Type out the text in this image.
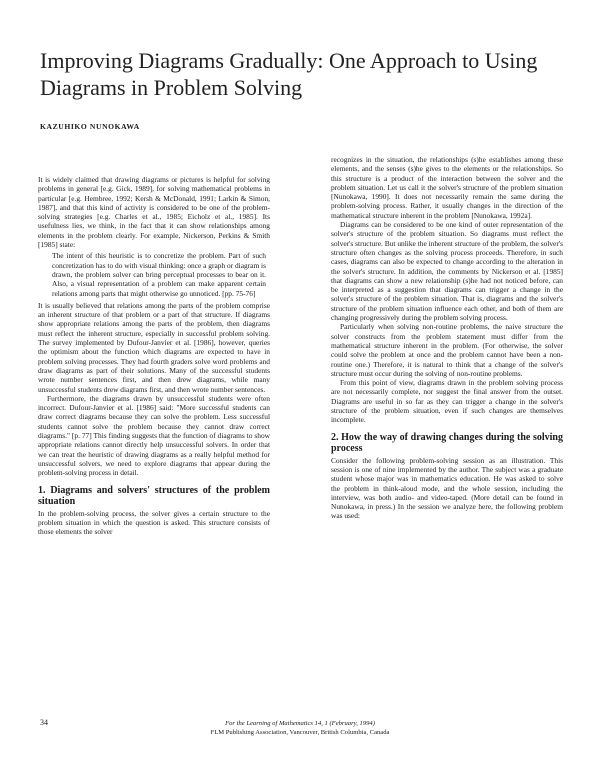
Improving Diagrams Gradually: One Approach to Using Diagrams in Problem Solving
KAZUHIKO NUNOKAWA

It is widely claimed that drawing diagrams or pictures is helpful for solving problems in general [e.g. Gick, 1989], for solving mathematical problems in particular [e.g. Hembree, 1992; Kersh & McDonald, 1991; Larkin & Simon, 1987], and that this kind of activity is considered to be one of the problem-solving strategies [e.g. Charles et al., 1985; Eicholz et al., 1985]. Its usefulness lies, we think, in the fact that it can show relationships among elements in the problem clearly. For example, Nickerson, Perkins & Smith [1985] state:

The intent of this heuristic is to concretize the problem. Part of such concretization has to do with visual thinking: once a graph or diagram is drawn, the problem solver can bring perceptual processes to bear on it. Also, a visual representation of a problem can make apparent certain relations among parts that might otherwise go unnoticed. [pp. 75-76]

It is usually believed that relations among the parts of the problem comprise an inherent structure of that problem or a part of that structure. If diagrams show appropriate relations among the parts of the problem, then diagrams must reflect the inherent structure, especially in successful problem solving. The survey implemented by Dufour-Janvier et al. [1986], however, queries the optimism about the function which diagrams are expected to have in problem solving processes. They had fourth graders solve word problems and draw diagrams as part of their solutions. Many of the successful students wrote number sentences first, and then drew diagrams, while many unsuccessful students drew diagrams first, and then wrote number sentences.

Furthermore, the diagrams drawn by unsuccessful students were often incorrect. Dufour-Janvier et al. [1986] said: "More successful students can draw correct diagrams because they can solve the problem. Less successful students cannot solve the problem because they cannot draw correct diagrams." [p. 77] This finding suggests that the function of diagrams to show appropriate relations cannot directly help unsuccessful solvers. In order that we can treat the heuristic of drawing diagrams as a really helpful method for unsuccessful solvers, we need to explore diagrams that appear during the problem-solving process in detail.

1. Diagrams and solvers' structures of the problem situation

In the problem-solving process, the solver gives a certain structure to the problem situation in which the question is asked. This structure consists of those elements the solver

recognizes in the situation, the relationships (s)he establishes among these elements, and the senses (s)he gives to the elements or the relationships. So this structure is a product of the interaction between the solver and the problem situation. Let us call it the solver's structure of the problem situation [Nunokawa, 1990]. It does not necessarily remain the same during the problem-solving process. Rather, it usually changes in the direction of the mathematical structure inherent in the problem [Nunokawa, 1992a].

Diagrams can be considered to be one kind of outer representation of the solver's structure of the problem situation. So diagrams must reflect the solver's structure. But unlike the inherent structure of the problem, the solver's structure often changes as the solving process proceeds. Therefore, in such cases, diagrams can also be expected to change according to the alteration in the solver's structure. In addition, the comments by Nickerson et al. [1985] that diagrams can show a new relationship (s)he had not noticed before, can be interpreted as a suggestion that diagrams can trigger a change in the solver's structure of the problem situation. That is, diagrams and the solver's structure of the problem situation influence each other, and both of them are changing progressively during the problem solving process.

Particularly when solving non-routine problems, the naive structure the solver constructs from the problem statement must differ from the mathematical structure inherent in the problem. (For otherwise, the solver could solve the problem at once and the problem cannot have been a non-routine one.) Therefore, it is natural to think that a change of the solver's structure must occur during the solving of non-routine problems.

From this point of view, diagrams drawn in the problem solving process are not necessarily complete, nor suggest the final answer from the outset. Diagrams are useful in so far as they can trigger a change in the solver's structure of the problem situation, even if such changes are themselves incomplete.

2. How the way of drawing changes during the solving process

Consider the following problem-solving session as an illustration. This session is one of nine implemented by the author. The subject was a graduate student whose major was in mathematics education. He was asked to solve the problem in think-aloud mode, and the whole session, including the interview, was both audio- and video-taped. (More detail can be found in Nunokawa, in press.) In the session we analyze here, the following problem was used:

34	For the Learning of Mathematics 14, 1 (February, 1994)
FLM Publishing Association, Vancouver, British Columbia, Canada
